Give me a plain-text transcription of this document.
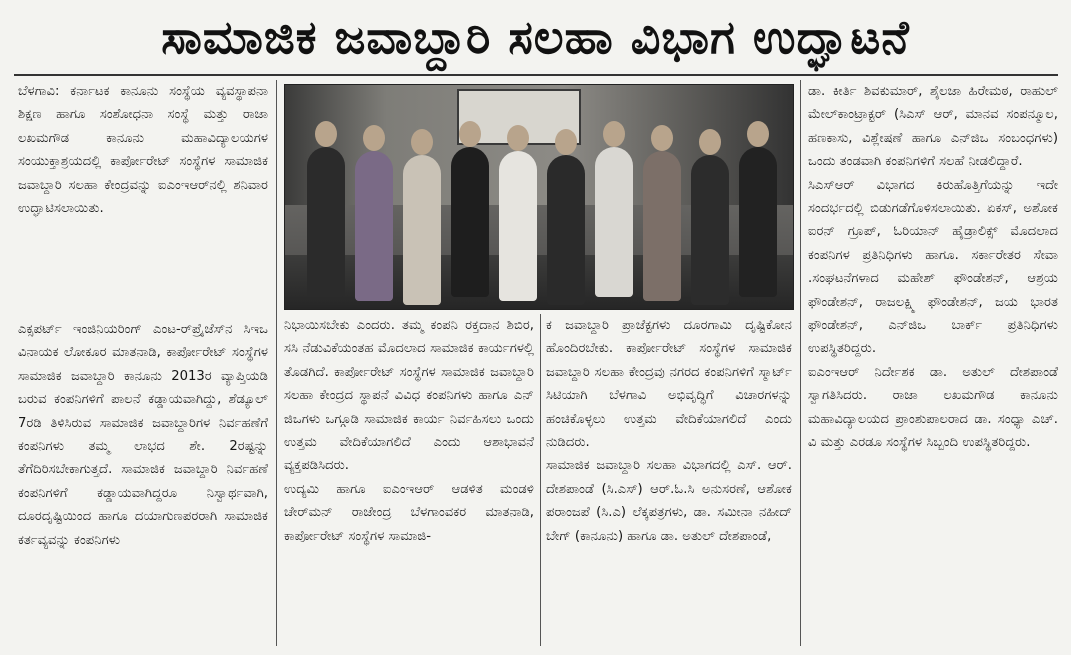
ಸಾಮಾಜಿಕ ಜವಾಬ್ದಾರಿ ಸಲಹಾ ವಿಭಾಗ ಉದ್ಘಾಟನೆ
ಬೆಳಗಾವಿ: ಕರ್ನಾಟಕ ಕಾನೂನು ಸಂಸ್ಥೆಯ ವ್ಯವಸ್ಥಾಪನಾ ಶಿಕ್ಷಣ ಹಾಗೂ ಸಂಶೋಧನಾ ಸಂಸ್ಥೆ ಮತ್ತು ರಾಜಾ ಲಖಮಗೌಡ ಕಾನೂನು ಮಹಾವಿದ್ಯಾಲಯಗಳ ಸಂಯುಕ್ತಾಶ್ರಯದಲ್ಲಿ ಕಾರ್ಪೋರೇಟ್ ಸಂಸ್ಥೆಗಳ ಸಾಮಾಜಿಕ ಜವಾಬ್ದಾರಿ ಸಲಹಾ ಕೇಂದ್ರವನ್ನು ಐಎಂಇಆರ್‌ನಲ್ಲಿ ಶನಿವಾರ ಉದ್ಘಾಟಿಸಲಾಯಿತು.
ಎಕ್ಸಪರ್ಟ್ ಇಂಜಿನಿಯರಿಂಗ್ ಎಂಟ-ರ್‌ಪ್ರೈಜೆಸ್‌ನ ಸಿಇಒ ವಿನಾಯಕ ಲೋಕೂರ ಮಾತನಾಡಿ, ಕಾರ್ಪೋರೇಟ್ ಸಂಸ್ಥೆಗಳ ಸಾಮಾಜಿಕ ಜವಾಬ್ದಾರಿ ಕಾನೂನು 2013ರ ವ್ಯಾಪ್ತಿಯಡಿ ಬರುವ ಕಂಪನಿಗಳಿಗೆ ಪಾಲನೆ ಕಡ್ಡಾಯವಾಗಿದ್ದು, ಶೆಡ್ಯೂಲ್ 7ರಡಿ ತಿಳಿಸಿರುವ ಸಾಮಾಜಿಕ ಜವಾಬ್ದಾರಿಗಳ ನಿರ್ವಹಣೆಗೆ ಕಂಪನಿಗಳು ತಮ್ಮ ಲಾಭದ ಶೇ. 2ರಷ್ಟನ್ನು ತೆಗೆದಿರಿಸಬೇಕಾಗುತ್ತದೆ. ಸಾಮಾಜಿಕ ಜವಾಬ್ದಾರಿ ನಿರ್ವಹಣೆ ಕಂಪನಿಗಳಿಗೆ ಕಡ್ಡಾಯವಾಗಿದ್ದರೂ ನಿಸ್ವಾರ್ಥವಾಗಿ, ದೂರದೃಷ್ಟಿಯಿಂದ ಹಾಗೂ ದಯಾಗುಣಪರರಾಗಿ ಸಾಮಾಜಿಕ ಕರ್ತವ್ಯವನ್ನು ಕಂಪನಿಗಳು
ನಿಭಾಯಿಸಬೇಕು ಎಂದರು. ತಮ್ಮ ಕಂಪನಿ ರಕ್ತದಾನ ಶಿಬಿರ, ಸಸಿ ನೆಡುವಿಕೆಯಂತಹ ಮೊದಲಾದ ಸಾಮಾಜಿಕ ಕಾರ್ಯಗಳಲ್ಲಿ ತೊಡಗಿದೆ. ಕಾರ್ಪೋರೇಟ್ ಸಂಸ್ಥೆಗಳ ಸಾಮಾಜಿಕ ಜವಾಬ್ದಾರಿ ಸಲಹಾ ಕೇಂದ್ರದ ಸ್ಥಾಪನೆ ವಿವಿಧ ಕಂಪನಿಗಳು ಹಾಗೂ ಎನ್ ಜಿಒಗಳು ಒಗ್ಗೂಡಿ ಸಾಮಾಜಿಕ ಕಾರ್ಯ ನಿರ್ವಹಿಸಲು ಒಂದು ಉತ್ತಮ ವೇದಿಕೆಯಾಗಲಿದೆ ಎಂದು ಆಶಾಭಾವನೆ ವ್ಯಕ್ತಪಡಿಸಿದರು.
ಉದ್ಯಮಿ ಹಾಗೂ ಐಎಂಇಆರ್ ಆಡಳಿತ ಮಂಡಳಿ ಚೇರ್‌ಮನ್ ರಾಜೇಂದ್ರ ಬೆಳಗಾಂವಕರ ಮಾತನಾಡಿ, ಕಾರ್ಪೋರೇಟ್ ಸಂಸ್ಥೆಗಳ ಸಾಮಾಜಿ-
ಕ ಜವಾಬ್ದಾರಿ ಪ್ರಾಜೆಕ್ಟಗಳು ದೂರಗಾಮಿ ದೃಷ್ಟಿಕೋನ ಹೊಂದಿರಬೇಕು. ಕಾರ್ಪೋರೇಟ್ ಸಂಸ್ಥೆಗಳ ಸಾಮಾಜಿಕ ಜವಾಬ್ದಾರಿ ಸಲಹಾ ಕೇಂದ್ರವು ನಗರದ ಕಂಪನಿಗಳಿಗೆ ಸ್ಮಾರ್ಟ್ ಸಿಟಿಯಾಗಿ ಬೆಳಗಾವಿ ಅಭಿವೃದ್ಧಿಗೆ ವಿಚಾರಗಳನ್ನು ಹಂಚಿಕೊಳ್ಳಲು ಉತ್ತಮ ವೇದಿಕೆಯಾಗಲಿದೆ ಎಂದು ನುಡಿದರು.
ಸಾಮಾಜಿಕ ಜವಾಬ್ದಾರಿ ಸಲಹಾ ವಿಭಾಗದಲ್ಲಿ ಎಸ್. ಆರ್. ದೇಶಪಾಂಡೆ (ಸಿ.ಎಸ್) ಆರ್.ಓ.ಸಿ ಅನುಸರಣೆ, ಆಶೋಕ ಪರಾಂಜಪೆ (ಸಿ.ಎ) ಲೆಕ್ಕಪತ್ರಗಳು, ಡಾ. ಸಮೀನಾ ನಹೀದ್ ಬೇಗ್ (ಕಾನೂನು) ಹಾಗೂ ಡಾ. ಅತುಲ್ ದೇಶಪಾಂಡೆ,
ಡಾ. ಕೀರ್ತಿ ಶಿವಕುಮಾರ್, ಶೈಲಜಾ ಹಿರೇಮಠ, ರಾಹುಲ್ ಮೇಲ್‌ಕಾಂಟ್ರಾಕ್ಟರ್ (ಸಿಎಸ್ ಆರ್, ಮಾನವ ಸಂಪನ್ಮೂಲ, ಹಣಕಾಸು, ವಿಶ್ಲೇಷಣೆ ಹಾಗೂ ಎನ್‌ಜಿಒ ಸಂಬಂಧಗಳು) ಒಂದು ತಂಡವಾಗಿ ಕಂಪನಿಗಳಿಗೆ ಸಲಹೆ ನೀಡಲಿದ್ದಾರೆ.
ಸಿಎಸ್‌ಆರ್ ವಿಭಾಗದ ಕಿರುಹೊತ್ತಿಗೆಯನ್ನು ಇದೇ ಸಂದರ್ಭದಲ್ಲಿ ಬಿಡುಗಡೆಗೊಳಿಸಲಾಯಿತು. ಏಕಸ್, ಅಶೋಕ ಐರನ್ ಗ್ರೂಪ್, ಓರಿಯಾನ್ ಹೈಡ್ರಾಲಿಕ್ಸ್ ಮೊದಲಾದ ಕಂಪನಿಗಳ ಪ್ರತಿನಿಧಿಗಳು ಹಾಗೂ. ಸರ್ಕಾರೇತರ ಸೇವಾ .ಸಂಘಟನೆಗಳಾದ ಮಹೇಶ್ ಫೌಂಡೇಶನ್, ಆಶ್ರಯ ಫೌಂಡೇಶನ್, ರಾಜಲಕ್ಷ್ಮಿ ಫೌಂಡೇಶನ್, ಜಯ ಭಾರತ ಫೌಂಡೇಶನ್, ಎನ್‌ಜಿಒ ಬಾರ್ಕ್ ಪ್ರತಿನಿಧಿಗಳು ಉಪಸ್ಥಿತರಿದ್ದರು.
ಐಎಂಇಆರ್ ನಿರ್ದೇಶಕ ಡಾ. ಅತುಲ್ ದೇಶಪಾಂಡೆ ಸ್ವಾಗತಿಸಿದರು. ರಾಜಾ ಲಖಮಗೌಡ ಕಾನೂನು ಮಹಾವಿದ್ಯಾಲಯದ ಪ್ರಾಂಶುಪಾಲರಾದ ಡಾ. ಸಂಧ್ಯಾ ಎಚ್. ವಿ ಮತ್ತು ಎರಡೂ ಸಂಸ್ಥೆಗಳ ಸಿಬ್ಬಂದಿ ಉಪಸ್ಥಿತರಿದ್ದರು.
